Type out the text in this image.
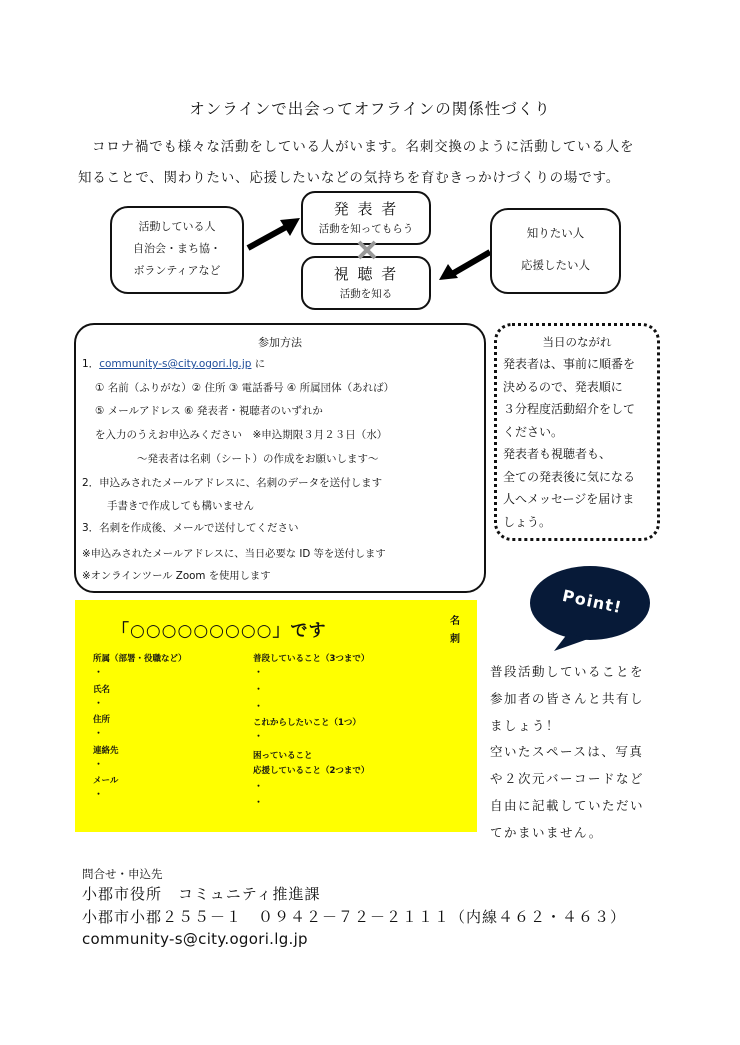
オンラインで出会ってオフラインの関係性づくり
コロナ禍でも様々な活動をしている人がいます。名刺交換のように活動している人を
知ることで、関わりたい、応援したいなどの気持ちを育むきっかけづくりの場です。
活動している人
自治会・まち協・
ボランティアなど
発 表 者
活動を知ってもらう
視 聴 者
活動を知る
知りたい人
応援したい人
参加方法
1．community-s@city.ogori.lg.jp に
① 名前（ふりがな）② 住所 ③ 電話番号 ④ 所属団体（あれば）
⑤ メールアドレス ⑥ 発表者・視聴者のいずれか
を入力のうえお申込みください　※申込期限３月２３日（水）
～発表者は名刺（シート）の作成をお願いします～
2．申込みされたメールアドレスに、名刺のデータを送付します
手書きで作成しても構いません
3．名刺を作成後、メールで送付してください
※申込みされたメールアドレスに、当日必要な ID 等を送付します
※オンラインツール Zoom を使用します
当日のながれ
発表者は、事前に順番を
決めるので、発表順に
３分程度活動紹介をして
ください。
発表者も視聴者も、
全ての発表後に気になる
人へメッセージを届けま
しょう。
「○○○○○○○○○」です	名
刺
所属（部署・役職など）
・
氏名
・
住所
・
連絡先
・
メール
・
普段していること（3つまで）
・
・
・
これからしたいこと（1つ）
・
困っていること
応援していること（2つまで）
・
・
Point!
普段活動していることを
参加者の皆さんと共有し
ましょう！
空いたスペースは、写真
や２次元バーコードなど
自由に記載していただい
てかまいません。
問合せ・申込先
小郡市役所　コミュニティ推進課
小郡市小郡２５５－１　０９４２－７２－２１１１（内線４６２・４６３）
community-s@city.ogori.lg.jp
